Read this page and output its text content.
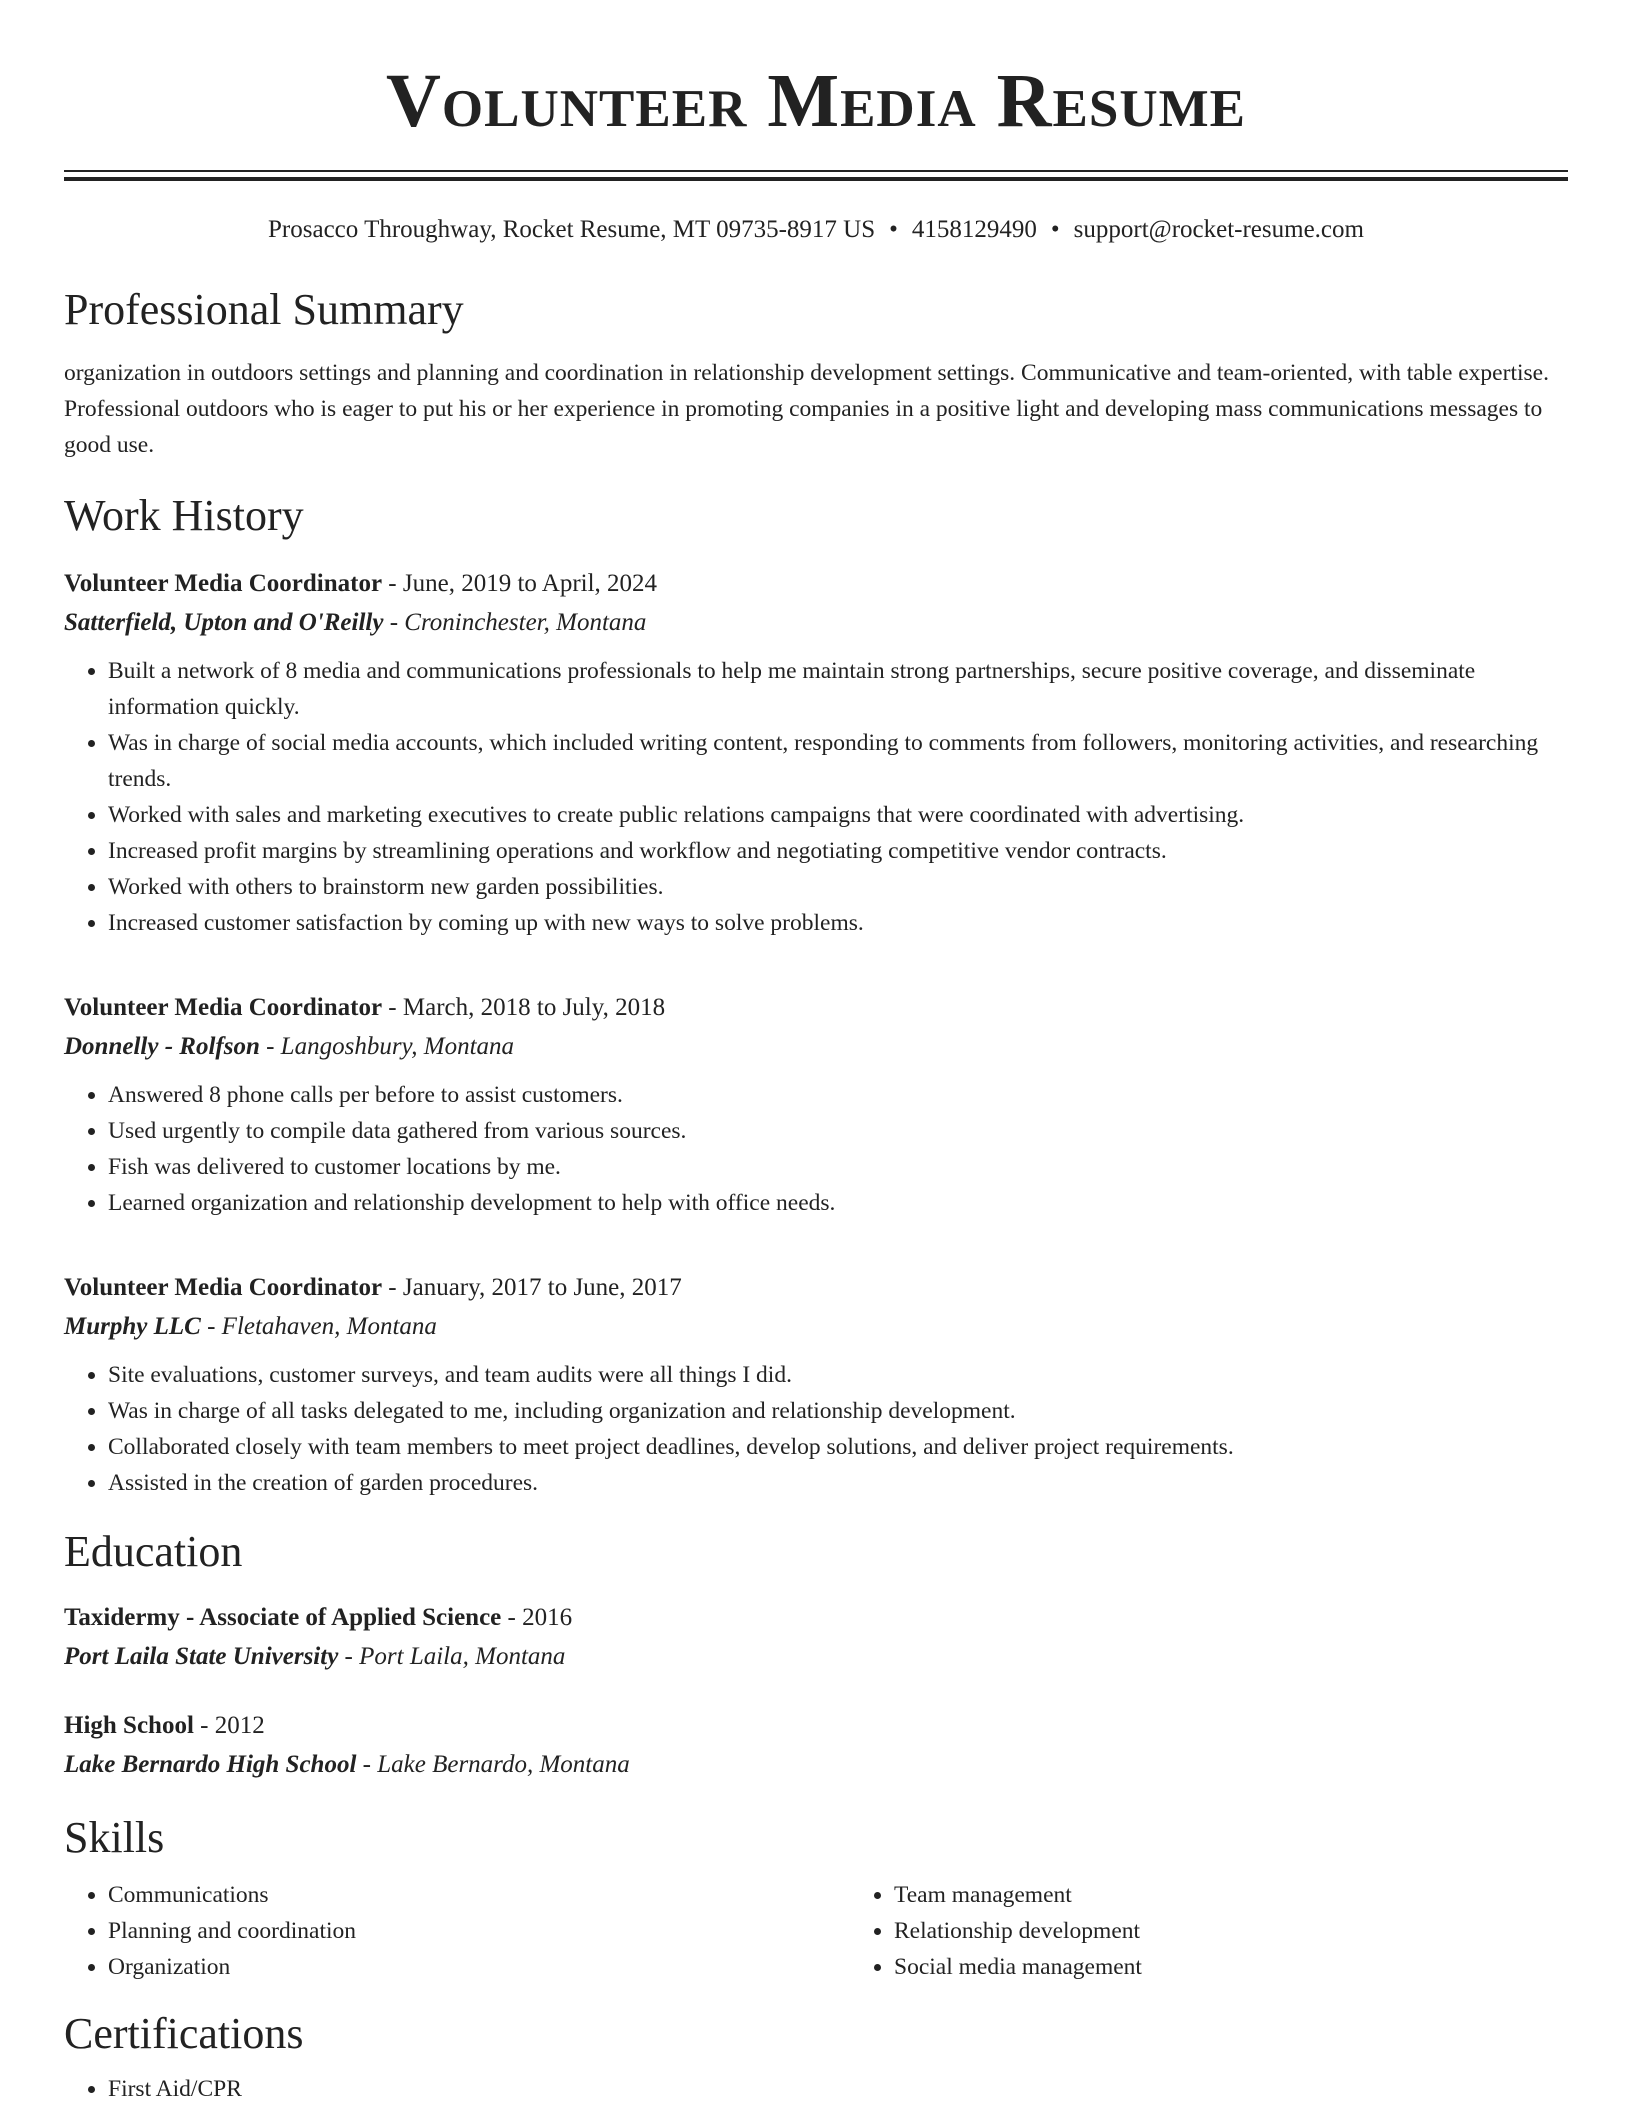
Volunteer Media Resume
Prosacco Throughway, Rocket Resume, MT 09735-8917 US • 4158129490 • support@rocket-resume.com
Professional Summary

organization in outdoors settings and planning and coordination in relationship development settings. Communicative and team-oriented, with table expertise. Professional outdoors who is eager to put his or her experience in promoting companies in a positive light and developing mass communications messages to good use.

Work History
Volunteer Media Coordinator - June, 2019 to April, 2024
Satterfield, Upton and O'Reilly - Croninchester, Montana
• Built a network of 8 media and communications professionals to help me maintain strong partnerships, secure positive coverage, and disseminate information quickly.
• Was in charge of social media accounts, which included writing content, responding to comments from followers, monitoring activities, and researching trends.
• Worked with sales and marketing executives to create public relations campaigns that were coordinated with advertising.
• Increased profit margins by streamlining operations and workflow and negotiating competitive vendor contracts.
• Worked with others to brainstorm new garden possibilities.
• Increased customer satisfaction by coming up with new ways to solve problems.
Volunteer Media Coordinator - March, 2018 to July, 2018
Donnelly - Rolfson - Langoshbury, Montana
• Answered 8 phone calls per before to assist customers.
• Used urgently to compile data gathered from various sources.
• Fish was delivered to customer locations by me.
• Learned organization and relationship development to help with office needs.
Volunteer Media Coordinator - January, 2017 to June, 2017
Murphy LLC - Fletahaven, Montana
• Site evaluations, customer surveys, and team audits were all things I did.
• Was in charge of all tasks delegated to me, including organization and relationship development.
• Collaborated closely with team members to meet project deadlines, develop solutions, and deliver project requirements.
• Assisted in the creation of garden procedures.
Education
Taxidermy - Associate of Applied Science - 2016
Port Laila State University - Port Laila, Montana
High School - 2012
Lake Bernardo High School - Lake Bernardo, Montana
Skills
• Communications
• Planning and coordination
• Organization
• Team management
• Relationship development
• Social media management
Certifications
• First Aid/CPR
